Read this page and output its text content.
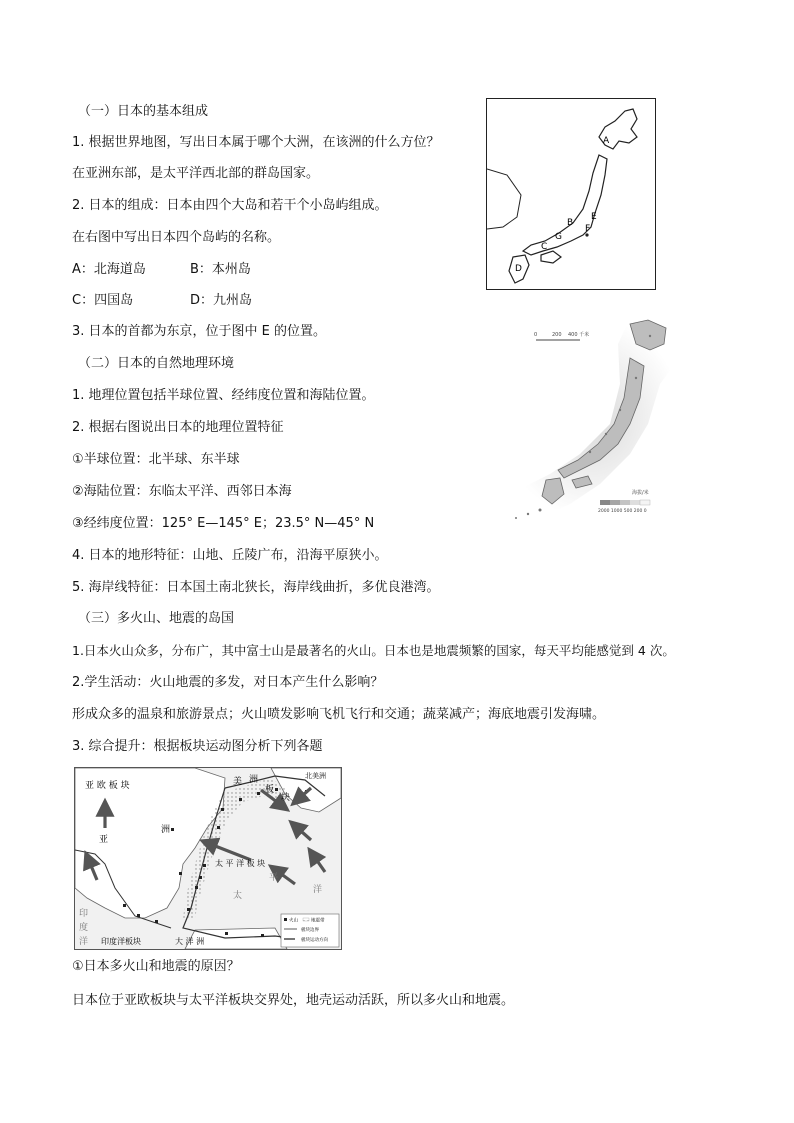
（一）日本的基本组成
1. 根据世界地图，写出日本属于哪个大洲，在该洲的什么方位？
在亚洲东部，是太平洋西北部的群岛国家。
2. 日本的组成：日本由四个大岛和若干个小岛屿组成。
在右图中写出日本四个岛屿的名称。
A：北海道岛	B：本州岛
C：四国岛	D：九州岛
3. 日本的首都为东京，位于图中 E 的位置。
（二）日本的自然地理环境
1. 地理位置包括半球位置、经纬度位置和海陆位置。
2. 根据右图说出日本的地理位置特征
①半球位置：北半球、东半球
②海陆位置：东临太平洋、西邻日本海
③经纬度位置：125° E—145° E；23.5° N—45° N
4. 日本的地形特征：山地、丘陵广布，沿海平原狭小。
5. 海岸线特征：日本国土南北狭长，海岸线曲折，多优良港湾。
（三）多火山、地震的岛国
1.日本火山众多，分布广，其中富士山是最著名的火山。日本也是地震频繁的国家，每天平均能感觉到 4 次。
2.学生活动：火山地震的多发，对日本产生什么影响？
形成众多的温泉和旅游景点；火山喷发影响飞机飞行和交通；蔬菜减产；海底地震引发海啸。
3. 综合提升：根据板块运动图分析下列各题
①日本多火山和地震的原因？
日本位于亚欧板块与太平洋板块交界处，地壳运动活跃，所以多火山和地震。
A
B
C
D
E
F
G
0	200 400 千米
海拔/米
2000 1000 500 200 0
亚 欧 板 块	美 洲
板
块
北美洲
亚
洲
太 平 洋 板 块
太
平
洋
印
度
洋 印度洋板块	大 洋 洲
火山	地震带
板块边界
板块运动方向
